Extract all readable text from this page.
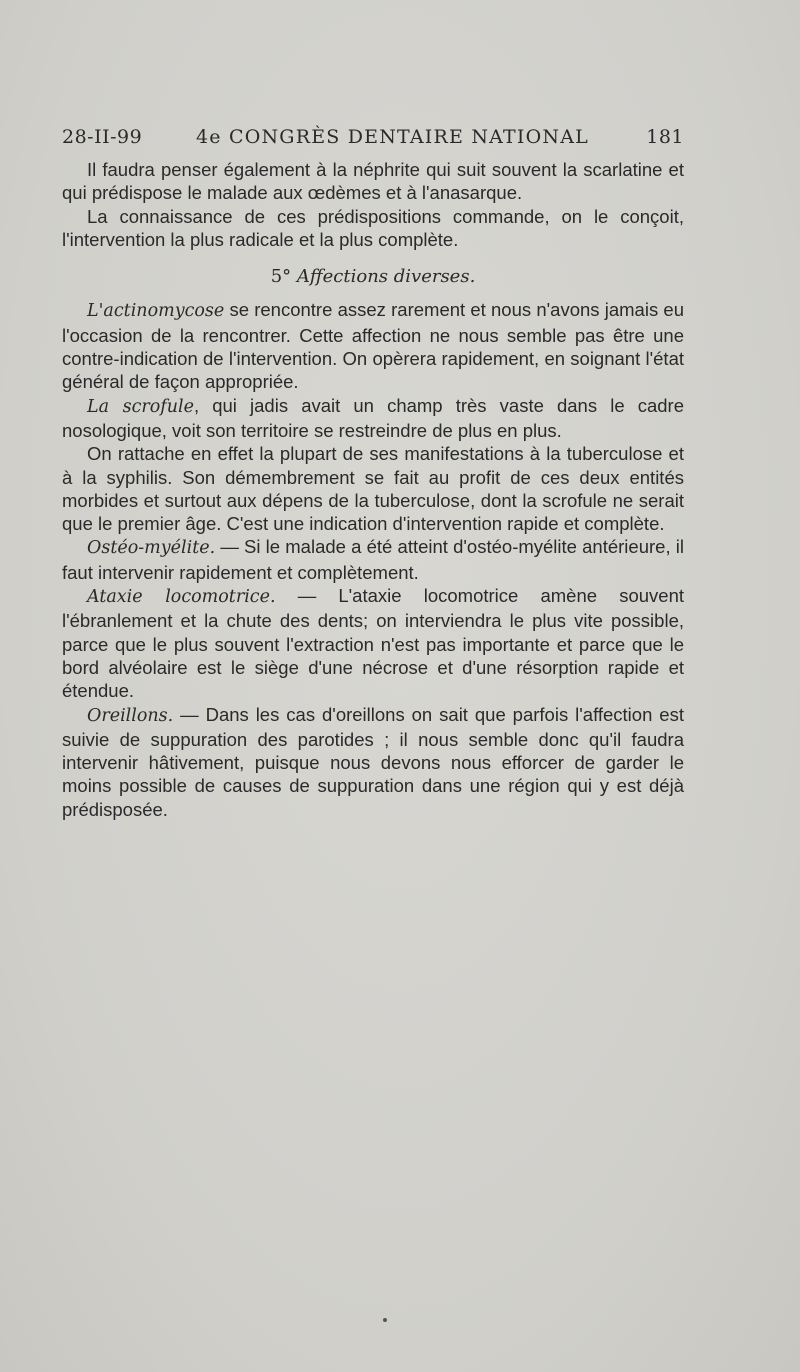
28-II-99	4e CONGRÈS DENTAIRE NATIONAL	181

Il faudra penser également à la néphrite qui suit souvent la scarlatine et qui prédispose le malade aux œdèmes et à l'anasarque.

La connaissance de ces prédispositions commande, on le conçoit, l'intervention la plus radicale et la plus complète.

5° Affections diverses.

L'actinomycose se rencontre assez rarement et nous n'avons jamais eu l'occasion de la rencontrer. Cette affection ne nous semble pas être une contre-indication de l'intervention. On opèrera rapidement, en soignant l'état général de façon appropriée.

La scrofule, qui jadis avait un champ très vaste dans le cadre nosologique, voit son territoire se restreindre de plus en plus.

On rattache en effet la plupart de ses manifestations à la tuberculose et à la syphilis. Son démembrement se fait au profit de ces deux entités morbides et surtout aux dépens de la tuberculose, dont la scrofule ne serait que le premier âge. C'est une indication d'intervention rapide et complète.

Ostéo-myélite. — Si le malade a été atteint d'ostéo-myélite antérieure, il faut intervenir rapidement et complètement.

Ataxie locomotrice. — L'ataxie locomotrice amène souvent l'ébranlement et la chute des dents; on interviendra le plus vite possible, parce que le plus souvent l'extraction n'est pas importante et parce que le bord alvéolaire est le siège d'une nécrose et d'une résorption rapide et étendue.

Oreillons. — Dans les cas d'oreillons on sait que parfois l'affection est suivie de suppuration des parotides ; il nous semble donc qu'il faudra intervenir hâtivement, puisque nous devons nous efforcer de garder le moins possible de causes de suppuration dans une région qui y est déjà prédisposée.
